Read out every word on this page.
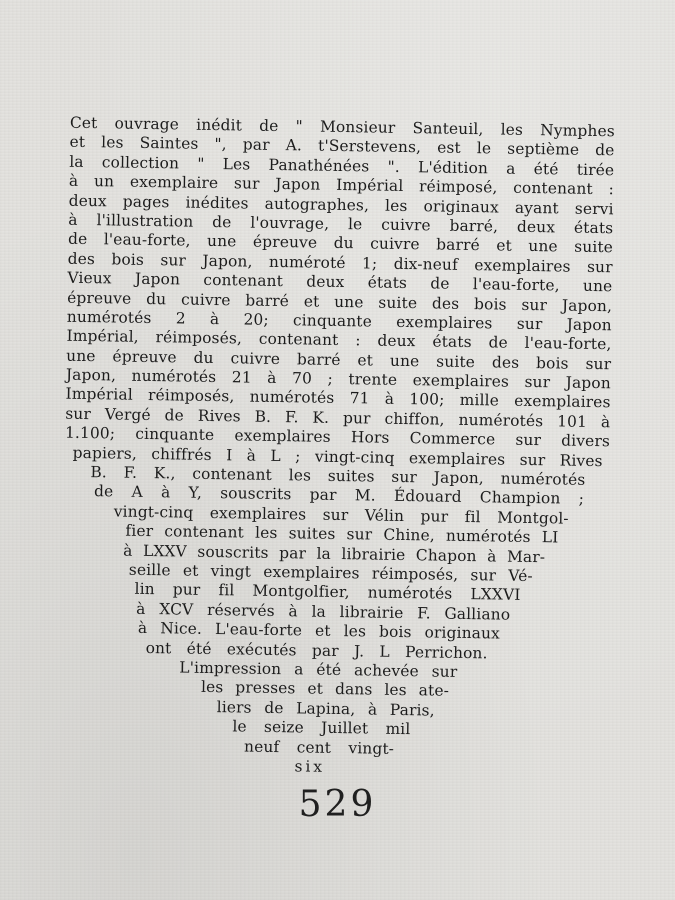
Cet ouvrage inédit de " Monsieur Santeuil, les Nymphes
et les Saintes ", par A. t'Serstevens, est le septième de
la collection " Les Panathénées ". L'édition a été tirée
à un exemplaire sur Japon Impérial réimposé, contenant :
deux pages inédites autographes, les originaux ayant servi
à l'illustration de l'ouvrage, le cuivre barré, deux états
de l'eau-forte, une épreuve du cuivre barré et une suite
des bois sur Japon, numéroté 1; dix-neuf exemplaires sur
Vieux Japon contenant deux états de l'eau-forte, une
épreuve du cuivre barré et une suite des bois sur Japon,
numérotés 2 à 20; cinquante exemplaires sur Japon
Impérial, réimposés, contenant : deux états de l'eau-forte,
une épreuve du cuivre barré et une suite des bois sur
Japon, numérotés 21 à 70 ; trente exemplaires sur Japon
Impérial réimposés, numérotés 71 à 100; mille exemplaires
sur Vergé de Rives B. F. K. pur chiffon, numérotés 101 à
1.100; cinquante exemplaires Hors Commerce sur divers
papiers, chiffrés I à L ; vingt-cinq exemplaires sur Rives
B. F. K., contenant les suites sur Japon, numérotés
de A à Y, souscrits par M. Édouard Champion ;
vingt-cinq exemplaires sur Vélin pur fil Montgol-
fier contenant les suites sur Chine, numérotés LI
à LXXV souscrits par la librairie Chapon à Mar-
seille et vingt exemplaires réimposés, sur Vé-
lin pur fil Montgolfier, numérotés LXXVI
à XCV réservés à la librairie F. Galliano
à Nice. L'eau-forte et les bois originaux
ont été exécutés par J. L Perrichon.
L'impression a été achevée sur
les presses et dans les ate-
liers de Lapina, à Paris,
le seize Juillet mil
neuf cent vingt-
six
529
